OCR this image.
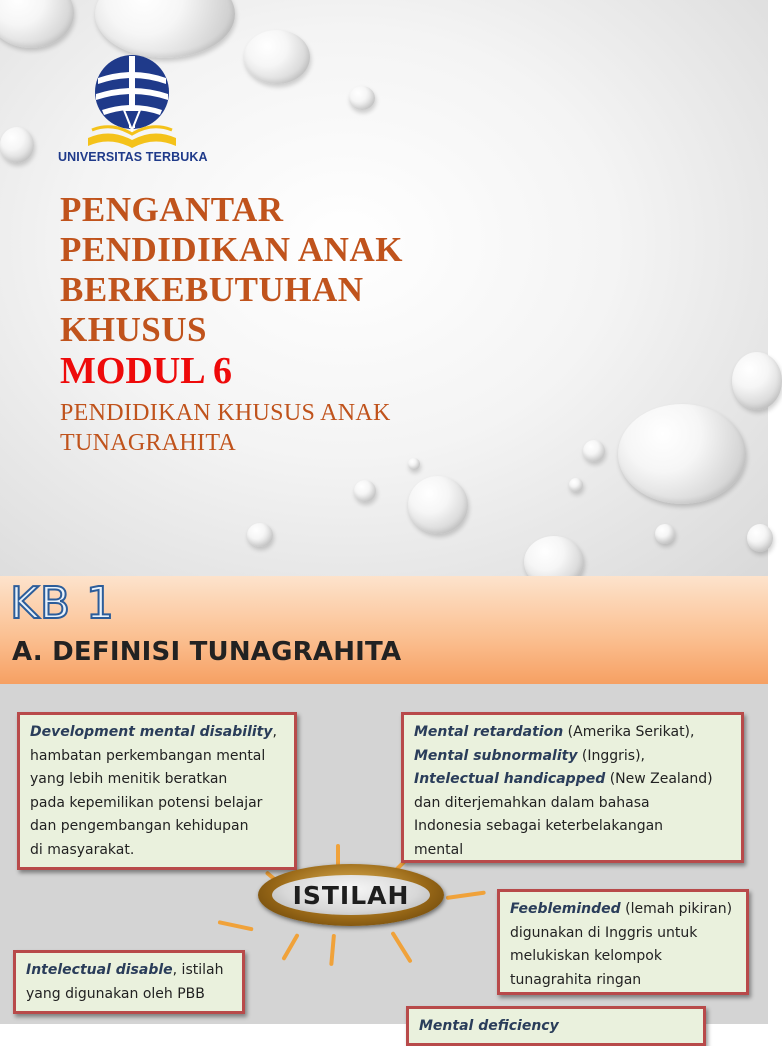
UNIVERSITAS TERBUKA
PENGANTAR
PENDIDIKAN ANAK
BERKEBUTUHAN
KHUSUS
MODUL 6
PENDIDIKAN KHUSUS ANAK
TUNAGRAHITA
KB 1
A. DEFINISI TUNAGRAHITA
Development mental disability,
hambatan perkembangan mental
yang lebih menitik beratkan
pada kepemilikan potensi belajar
dan pengembangan kehidupan
di masyarakat.
Mental retardation (Amerika Serikat),
Mental subnormality (Inggris),
Intelectual handicapped (New Zealand)
dan diterjemahkan dalam bahasa
Indonesia sebagai keterbelakangan
mental
Feebleminded (lemah pikiran)
digunakan di Inggris untuk
melukiskan kelompok
tunagrahita ringan
Intelectual disable, istilah
yang digunakan oleh PBB
Mental deficiency
ISTILAH
